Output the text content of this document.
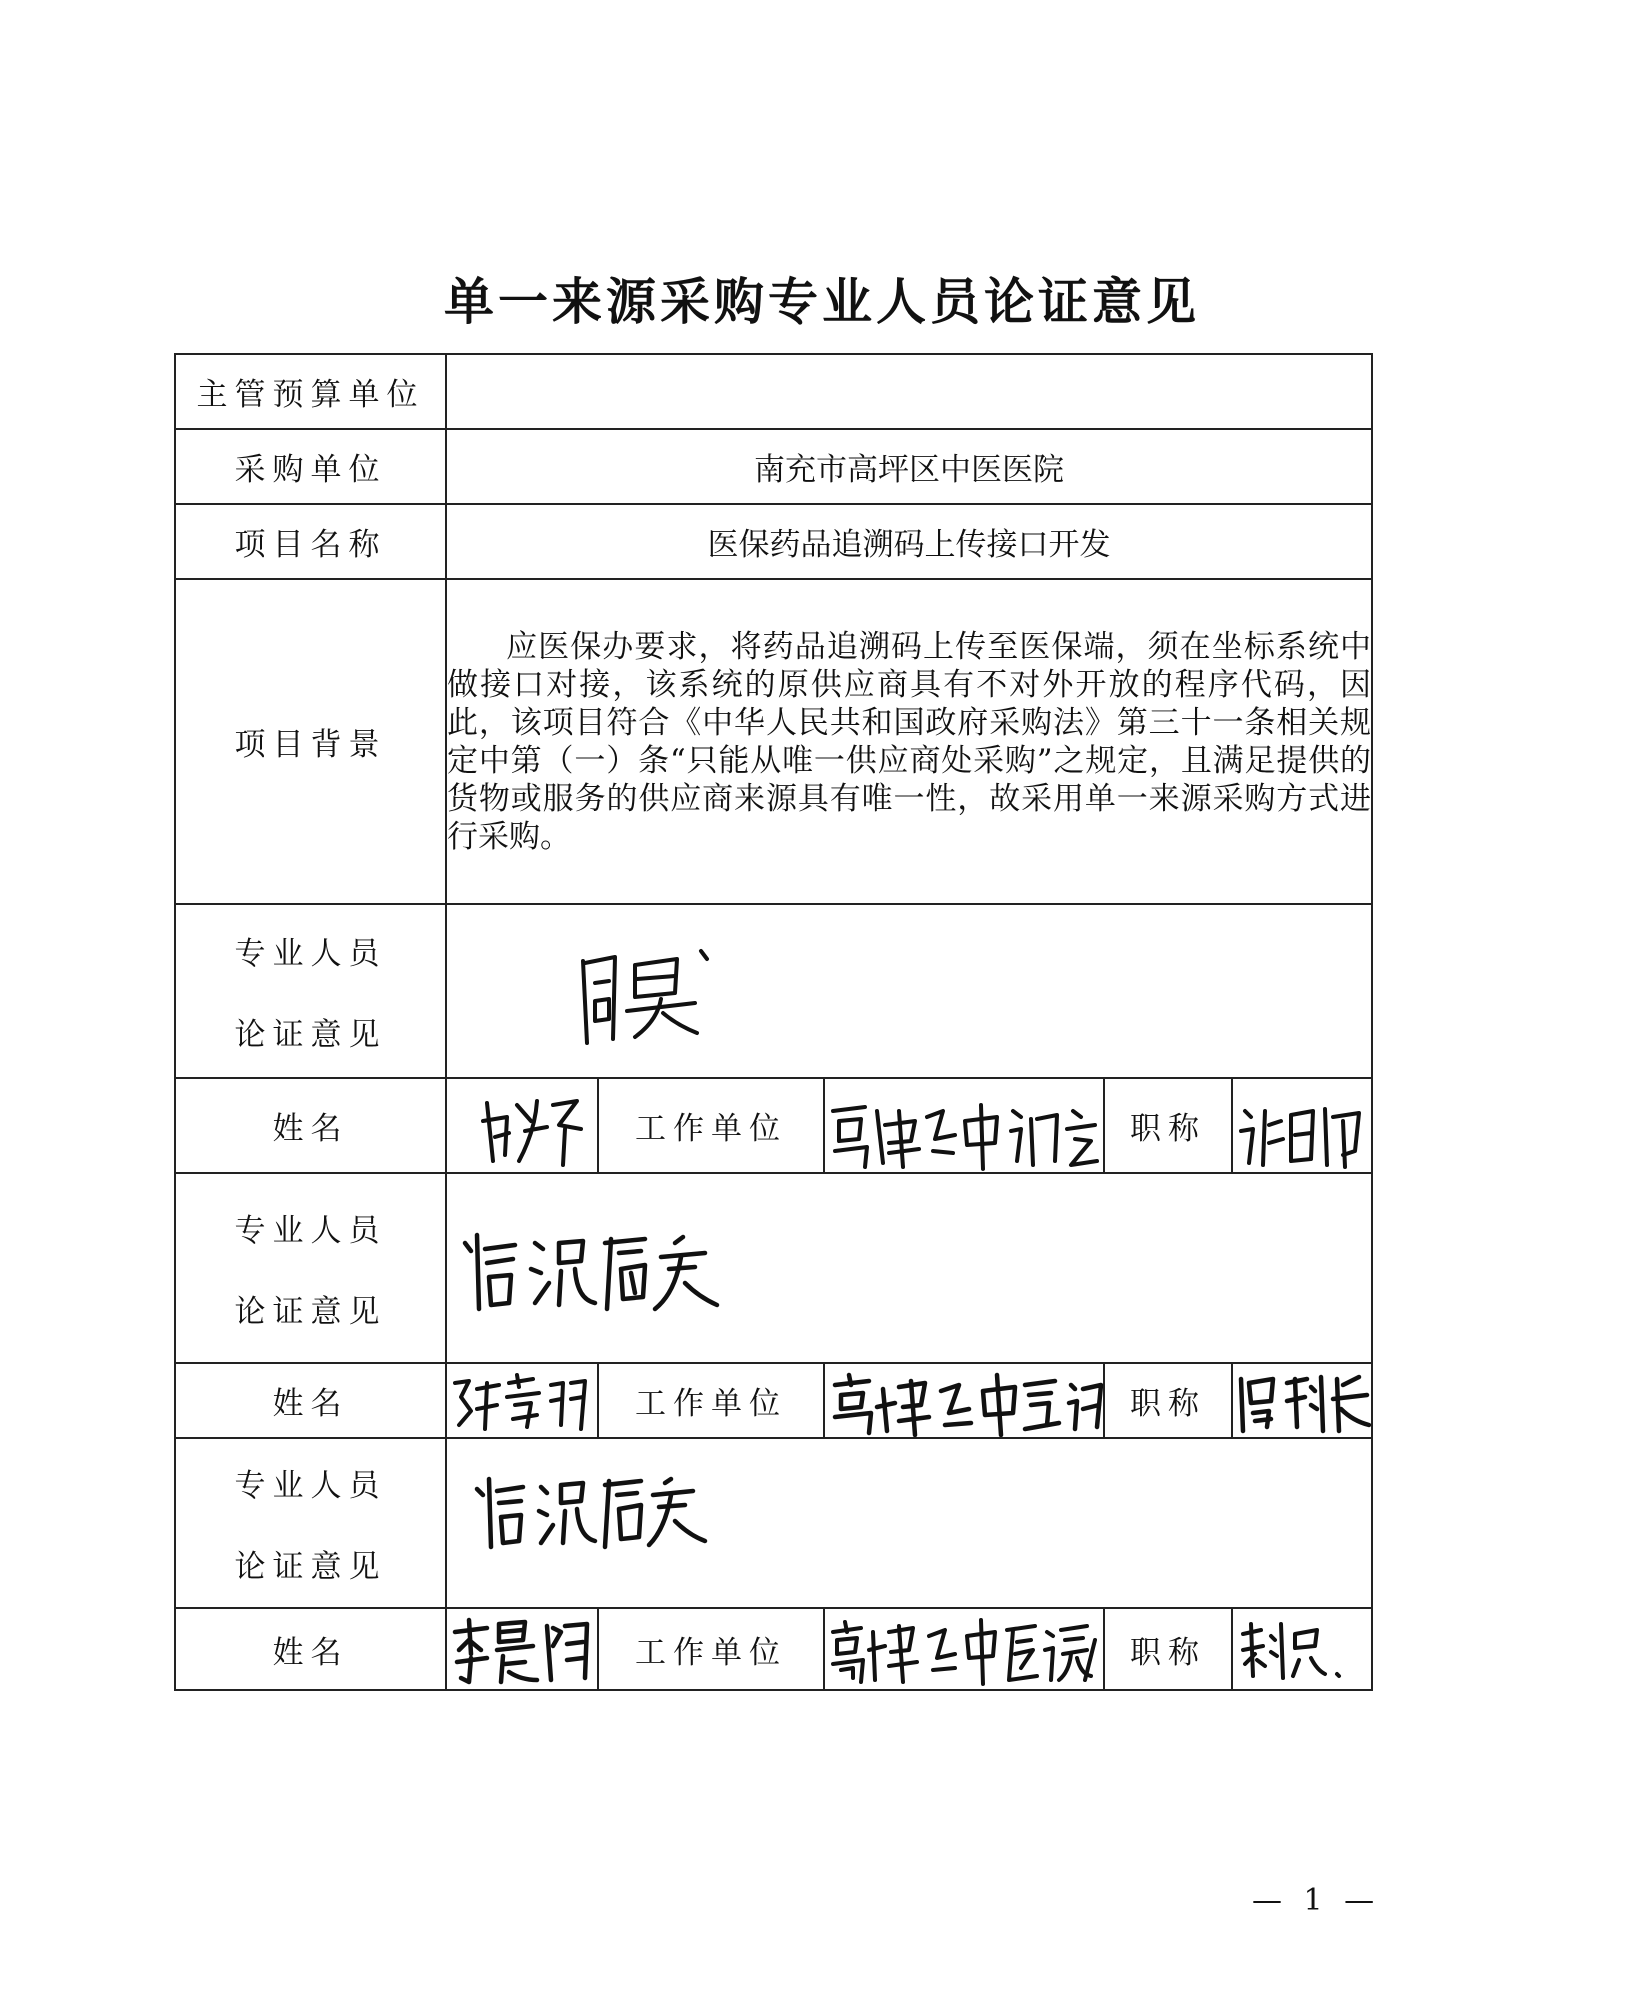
单一来源采购专业人员论证意见
主管预算单位					
采购单位	南充市高坪区中医医院				
项目名称	医保药品追溯码上传接口开发				
项目背景	应医保办要求，将药品追溯码上传至医保端，须在坐标系统中做接口对接，该系统的原供应商具有不对外开放的程序代码，因此，该项目符合《中华人民共和国政府采购法》第三十一条相关规定中第（一）条“只能从唯一供应商处采购”之规定，且满足提供的货物或服务的供应商来源具有唯一性，故采用单一来源采购方式进行采购。				

专业人员
论证意见

姓名		工作单位		职称	

专业人员
论证意见

姓名		工作单位		职称	

专业人员
论证意见

姓名		工作单位		职称	
— 1 —
